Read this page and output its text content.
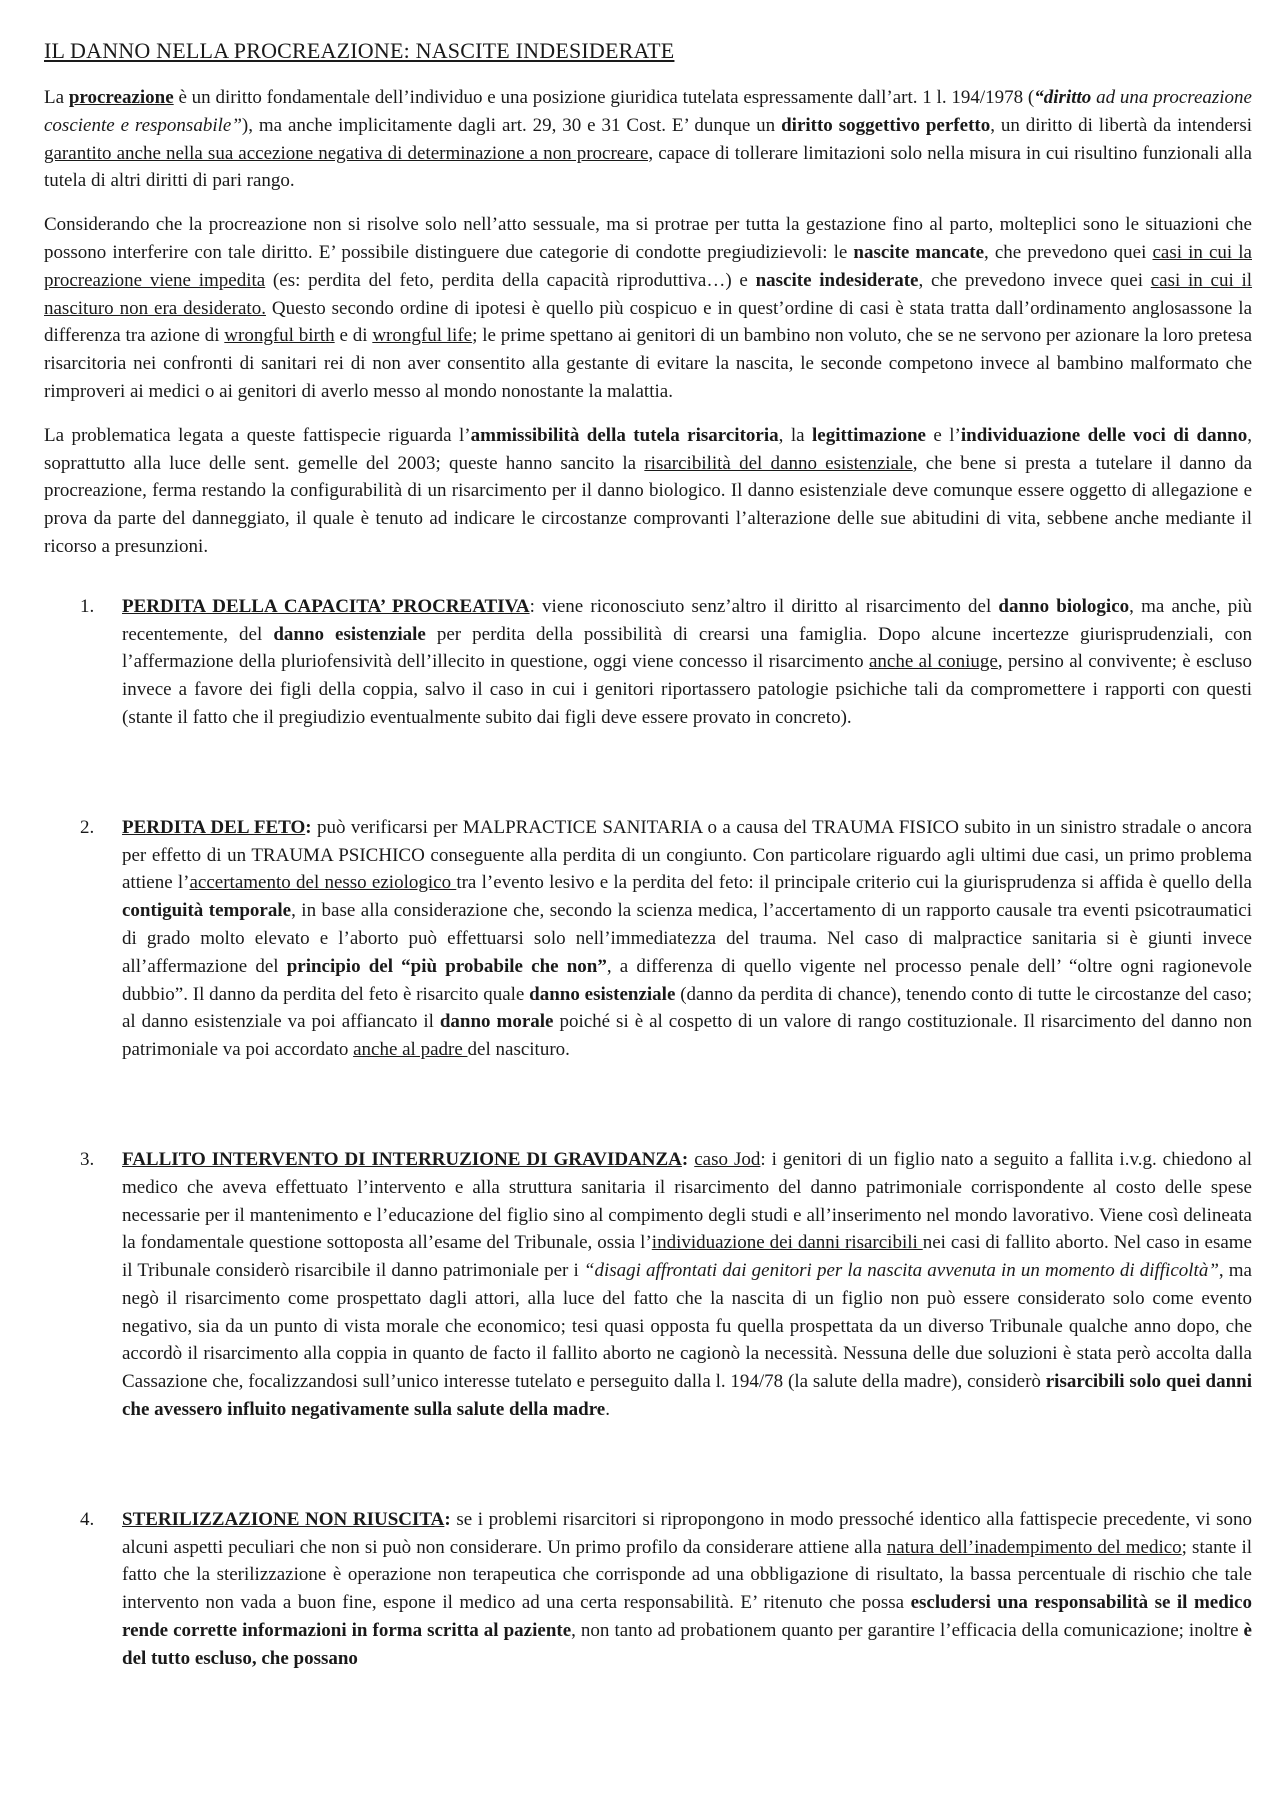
IL DANNO NELLA PROCREAZIONE: NASCITE INDESIDERATE

La procreazione è un diritto fondamentale dell’individuo e una posizione giuridica tutelata espressamente dall’art. 1 l. 194/1978 (“diritto ad una procreazione cosciente e responsabile”), ma anche implicitamente dagli art. 29, 30 e 31 Cost. E’ dunque un diritto soggettivo perfetto, un diritto di libertà da intendersi garantito anche nella sua accezione negativa di determinazione a non procreare, capace di tollerare limitazioni solo nella misura in cui risultino funzionali alla tutela di altri diritti di pari rango.

Considerando che la procreazione non si risolve solo nell’atto sessuale, ma si protrae per tutta la gestazione fino al parto, molteplici sono le situazioni che possono interferire con tale diritto. E’ possibile distinguere due categorie di condotte pregiudizievoli: le nascite mancate, che prevedono quei casi in cui la procreazione viene impedita (es: perdita del feto, perdita della capacità riproduttiva…) e nascite indesiderate, che prevedono invece quei casi in cui il nascituro non era desiderato. Questo secondo ordine di ipotesi è quello più cospicuo e in quest’ordine di casi è stata tratta dall’ordinamento anglosassone la differenza tra azione di wrongful birth e di wrongful life; le prime spettano ai genitori di un bambino non voluto, che se ne servono per azionare la loro pretesa risarcitoria nei confronti di sanitari rei di non aver consentito alla gestante di evitare la nascita, le seconde competono invece al bambino malformato che rimproveri ai medici o ai genitori di averlo messo al mondo nonostante la malattia.

La problematica legata a queste fattispecie riguarda l’ammissibilità della tutela risarcitoria, la legittimazione e l’individuazione delle voci di danno, soprattutto alla luce delle sent. gemelle del 2003; queste hanno sancito la risarcibilità del danno esistenziale, che bene si presta a tutelare il danno da procreazione, ferma restando la configurabilità di un risarcimento per il danno biologico. Il danno esistenziale deve comunque essere oggetto di allegazione e prova da parte del danneggiato, il quale è tenuto ad indicare le circostanze comprovanti l’alterazione delle sue abitudini di vita, sebbene anche mediante il ricorso a presunzioni.

1. PERDITA DELLA CAPACITA’ PROCREATIVA: viene riconosciuto senz’altro il diritto al risarcimento del danno biologico, ma anche, più recentemente, del danno esistenziale per perdita della possibilità di crearsi una famiglia. Dopo alcune incertezze giurisprudenziali, con l’affermazione della pluriofensività dell’illecito in questione, oggi viene concesso il risarcimento anche al coniuge, persino al convivente; è escluso invece a favore dei figli della coppia, salvo il caso in cui i genitori riportassero patologie psichiche tali da compromettere i rapporti con questi (stante il fatto che il pregiudizio eventualmente subito dai figli deve essere provato in concreto).
2. PERDITA DEL FETO: può verificarsi per MALPRACTICE SANITARIA o a causa del TRAUMA FISICO subito in un sinistro stradale o ancora per effetto di un TRAUMA PSICHICO conseguente alla perdita di un congiunto. Con particolare riguardo agli ultimi due casi, un primo problema attiene l’accertamento del nesso eziologico tra l’evento lesivo e la perdita del feto: il principale criterio cui la giurisprudenza si affida è quello della contiguità temporale, in base alla considerazione che, secondo la scienza medica, l’accertamento di un rapporto causale tra eventi psicotraumatici di grado molto elevato e l’aborto può effettuarsi solo nell’immediatezza del trauma. Nel caso di malpractice sanitaria si è giunti invece all’affermazione del principio del “più probabile che non”, a differenza di quello vigente nel processo penale dell’ “oltre ogni ragionevole dubbio”. Il danno da perdita del feto è risarcito quale danno esistenziale (danno da perdita di chance), tenendo conto di tutte le circostanze del caso; al danno esistenziale va poi affiancato il danno morale poiché si è al cospetto di un valore di rango costituzionale. Il risarcimento del danno non patrimoniale va poi accordato anche al padre del nascituro.
3. FALLITO INTERVENTO DI INTERRUZIONE DI GRAVIDANZA: caso Jod: i genitori di un figlio nato a seguito a fallita i.v.g. chiedono al medico che aveva effettuato l’intervento e alla struttura sanitaria il risarcimento del danno patrimoniale corrispondente al costo delle spese necessarie per il mantenimento e l’educazione del figlio sino al compimento degli studi e all’inserimento nel mondo lavorativo. Viene così delineata la fondamentale questione sottoposta all’esame del Tribunale, ossia l’individuazione dei danni risarcibili nei casi di fallito aborto. Nel caso in esame il Tribunale considerò risarcibile il danno patrimoniale per i “disagi affrontati dai genitori per la nascita avvenuta in un momento di difficoltà”, ma negò il risarcimento come prospettato dagli attori, alla luce del fatto che la nascita di un figlio non può essere considerato solo come evento negativo, sia da un punto di vista morale che economico; tesi quasi opposta fu quella prospettata da un diverso Tribunale qualche anno dopo, che accordò il risarcimento alla coppia in quanto de facto il fallito aborto ne cagionò la necessità. Nessuna delle due soluzioni è stata però accolta dalla Cassazione che, focalizzandosi sull’unico interesse tutelato e perseguito dalla l. 194/78 (la salute della madre), considerò risarcibili solo quei danni che avessero influito negativamente sulla salute della madre.
4. STERILIZZAZIONE NON RIUSCITA: se i problemi risarcitori si ripropongono in modo pressoché identico alla fattispecie precedente, vi sono alcuni aspetti peculiari che non si può non considerare. Un primo profilo da considerare attiene alla natura dell’inadempimento del medico; stante il fatto che la sterilizzazione è operazione non terapeutica che corrisponde ad una obbligazione di risultato, la bassa percentuale di rischio che tale intervento non vada a buon fine, espone il medico ad una certa responsabilità. E’ ritenuto che possa escludersi una responsabilità se il medico rende corrette informazioni in forma scritta al paziente, non tanto ad probationem quanto per garantire l’efficacia della comunicazione; inoltre è del tutto escluso, che possano
